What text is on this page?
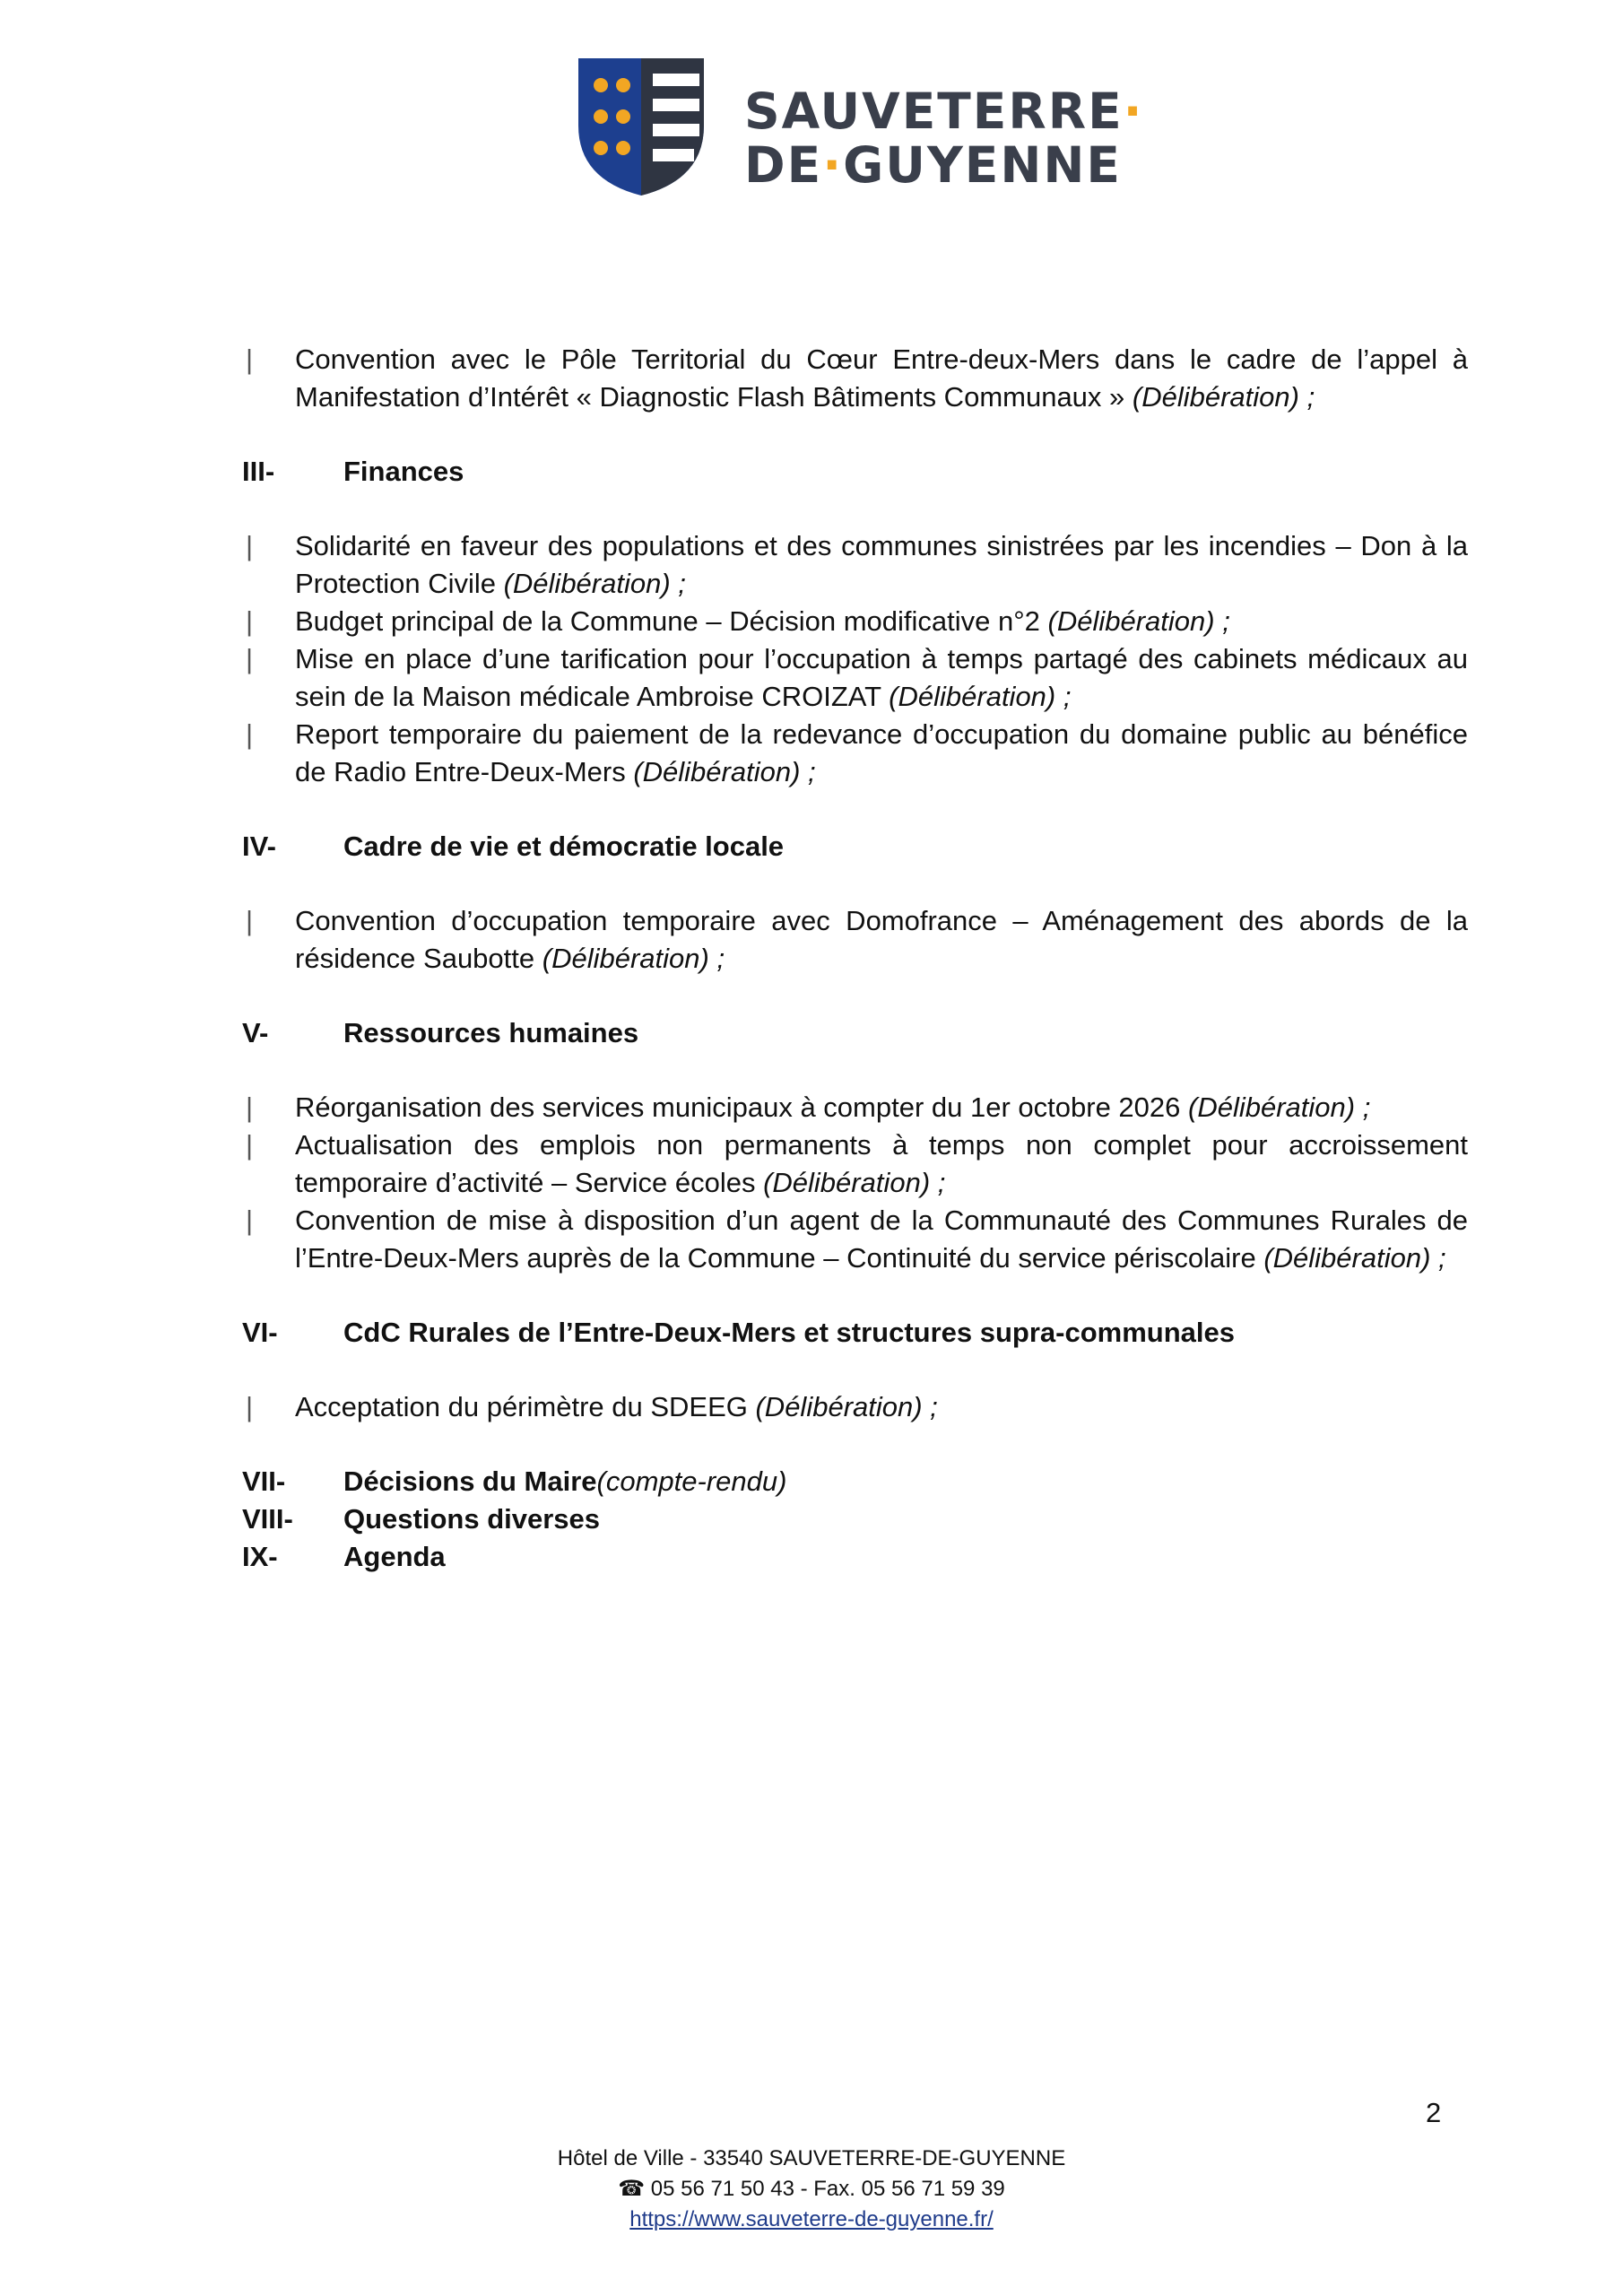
SAUVETERRE·
DE·GUYENNE
| Convention avec le Pôle Territorial du Cœur Entre-deux-Mers dans le cadre de l’appel à Manifestation d’Intérêt « Diagnostic Flash Bâtiments Communaux » (Délibération) ;
III-	Finances
| Solidarité en faveur des populations et des communes sinistrées par les incendies – Don à la Protection Civile (Délibération) ;
| Budget principal de la Commune – Décision modificative n°2 (Délibération) ;
| Mise en place d’une tarification pour l’occupation à temps partagé des cabinets médicaux au sein de la Maison médicale Ambroise CROIZAT (Délibération) ;
| Report temporaire du paiement de la redevance d’occupation du domaine public au bénéfice de Radio Entre-Deux-Mers (Délibération) ;
IV-	Cadre de vie et démocratie locale
| Convention d’occupation temporaire avec Domofrance – Aménagement des abords de la résidence Saubotte (Délibération) ;
V-	Ressources humaines
| Réorganisation des services municipaux à compter du 1er octobre 2026 (Délibération) ;
| Actualisation des emplois non permanents à temps non complet pour accroissement temporaire d’activité – Service écoles (Délibération) ;
| Convention de mise à disposition d’un agent de la Communauté des Communes Rurales de l’Entre-Deux-Mers auprès de la Commune – Continuité du service périscolaire (Délibération) ;
VI-	CdC Rurales de l’Entre-Deux-Mers et structures supra-communales
| Acceptation du périmètre du SDEEG (Délibération) ;
VII-	Décisions du Maire (compte-rendu)
VIII-	Questions diverses
IX-	Agenda
2
Hôtel de Ville - 33540 SAUVETERRE-DE-GUYENNE
☎ 05 56 71 50 43 - Fax. 05 56 71 59 39
https://www.sauveterre-de-guyenne.fr/
